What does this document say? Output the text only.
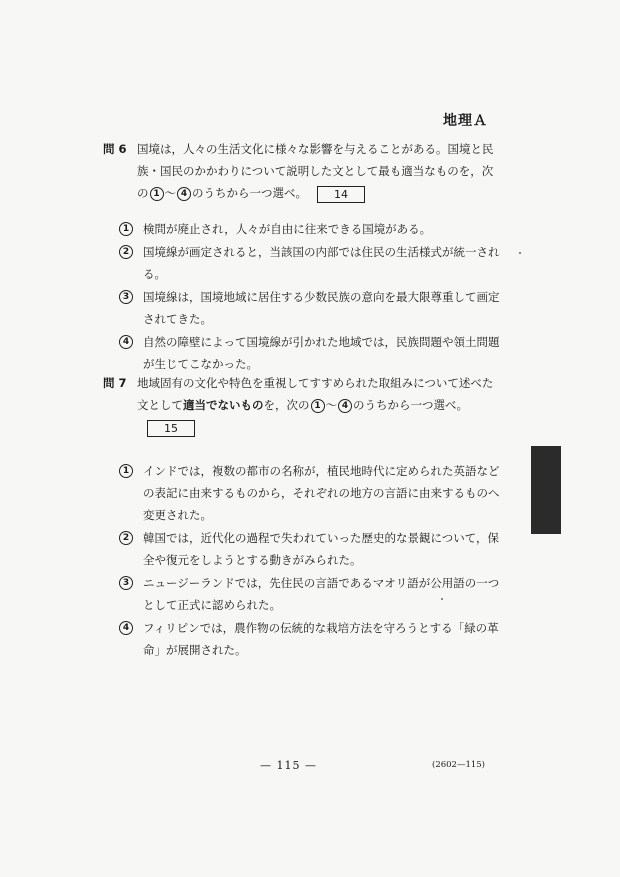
地理Ａ
問 6 国境は，人々の生活文化に様々な影響を与えることがある。国境と民族・国民のかかわりについて説明した文として最も適当なものを，次の 1 ～ 4 のうちから一つ選べ。 14
1	検問が廃止され，人々が自由に往来できる国境がある。
2	国境線が画定されると，当該国の内部では住民の生活様式が統一される。
3	国境線は，国境地域に居住する少数民族の意向を最大限尊重して画定されてきた。
4	自然の障壁によって国境線が引かれた地域では，民族問題や領土問題が生じてこなかった。
問 7 地域固有の文化や特色を重視してすすめられた取組みについて述べた文として適当でないものを，次の 1 ～ 4 のうちから一つ選べ。15
1	インドでは，複数の都市の名称が，植民地時代に定められた英語などの表記に由来するものから，それぞれの地方の言語に由来するものへ変更された。
2	韓国では，近代化の過程で失われていった歴史的な景観について，保全や復元をしようとする動きがみられた。
3	ニュージーランドでは，先住民の言語であるマオリ語が公用語の一つとして正式に認められた。
4	フィリピンでは，農作物の伝統的な栽培方法を守ろうとする「緑の革命」が展開された。
— 115 —	(2602—115)
